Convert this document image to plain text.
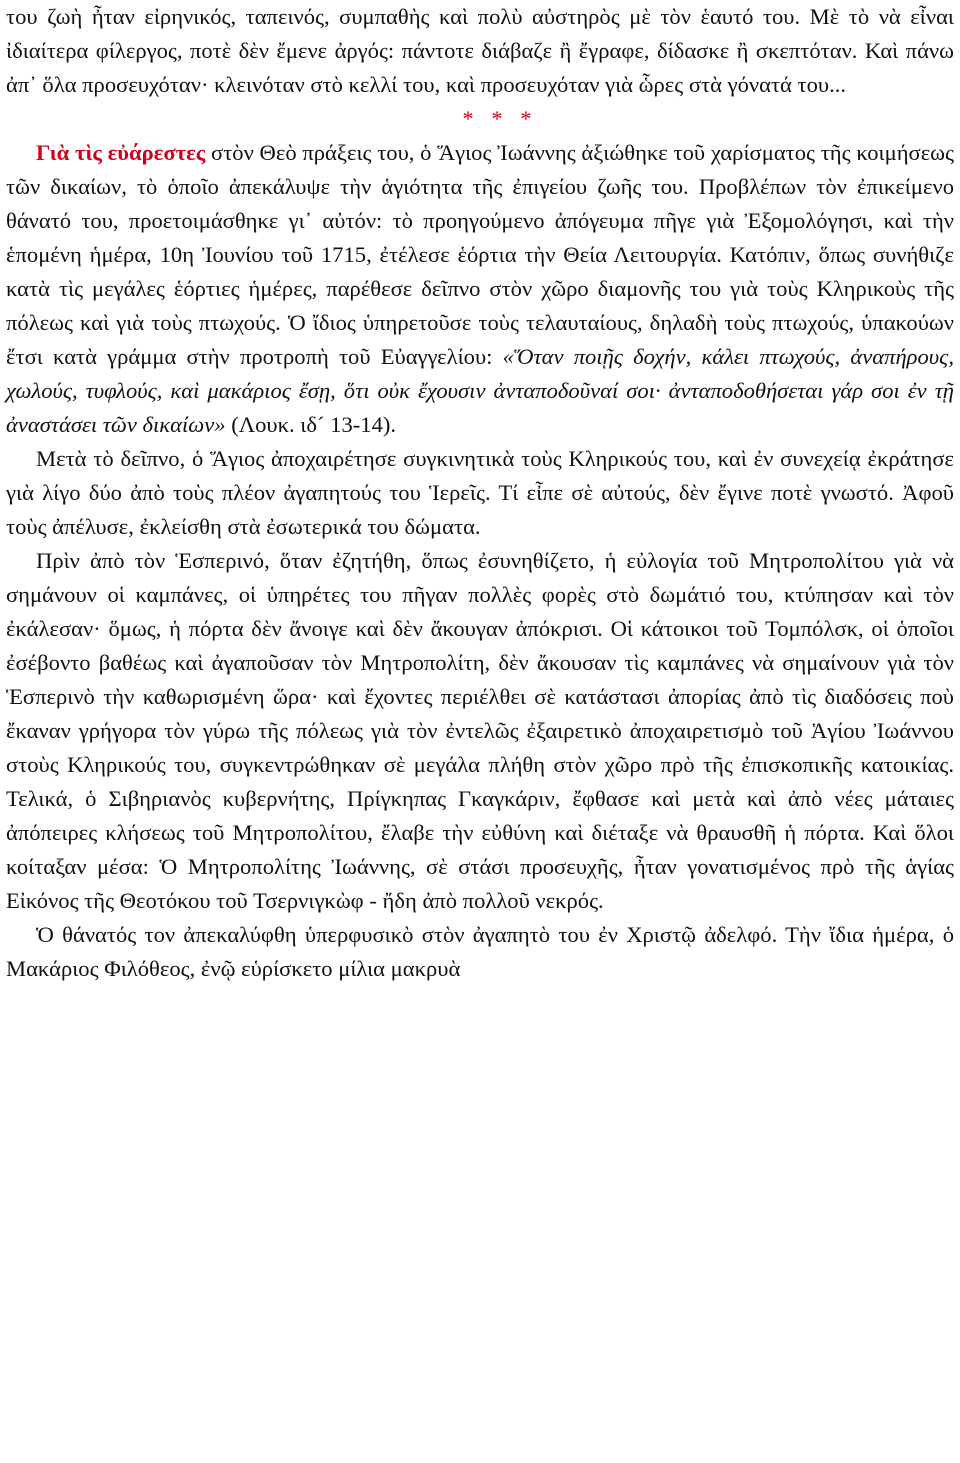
του ζωὴ ἦταν εἰρηνικός, ταπεινός, συμπαθὴς καὶ πολὺ αὐστηρὸς μὲ τὸν ἑαυτό του. Μὲ τὸ νὰ εἶναι ἰδιαίτερα φίλεργος, ποτὲ δὲν ἔμενε ἀργός: πάντοτε διάβαζε ἢ ἔγραφε, δίδασκε ἢ σκεπτόταν. Καὶ πάνω ἀπ᾽ ὅλα προσευχόταν· κλεινόταν στὸ κελλί του, καὶ προσευχόταν γιὰ ὧρες στὰ γόνατά του...

* * *

Γιὰ τὶς εὐάρεστες στὸν Θεὸ πράξεις του, ὁ Ἅγιος Ἰωάννης ἀξιώθηκε τοῦ χαρίσματος τῆς κοιμήσεως τῶν δικαίων, τὸ ὁποῖο ἀπεκάλυψε τὴν ἁγιότητα τῆς ἐπιγείου ζωῆς του. Προβλέπων τὸν ἐπικείμενο θάνατό του, προετοιμάσθηκε γι᾽ αὐτόν: τὸ προηγούμενο ἀπόγευμα πῆγε γιὰ Ἐξομολόγησι, καὶ τὴν ἑπομένη ἡμέρα, 10η Ἰουνίου τοῦ 1715, ἐτέλεσε ἑόρτια τὴν Θεία Λειτουργία. Κατόπιν, ὅπως συνήθιζε κατὰ τὶς μεγάλες ἑόρτιες ἡμέρες, παρέθεσε δεῖπνο στὸν χῶρο διαμονῆς του γιὰ τοὺς Κληρικοὺς τῆς πόλεως καὶ γιὰ τοὺς πτωχούς. Ὁ ἴδιος ὑπηρετοῦσε τοὺς τελαυταίους, δηλαδὴ τοὺς πτωχούς, ὑπακούων ἔτσι κατὰ γράμμα στὴν προτροπὴ τοῦ Εὐαγγελίου: «Ὅταν ποιῇς δοχήν, κάλει πτωχούς, ἀναπήρους, χωλούς, τυφλούς, καὶ μακάριος ἔσῃ, ὅτι οὐκ ἔχουσιν ἀνταποδοῦναί σοι· ἀνταποδοθήσεται γάρ σοι ἐν τῇ ἀναστάσει τῶν δικαίων» (Λουκ. ιδ´ 13-14).

Μετὰ τὸ δεῖπνο, ὁ Ἅγιος ἀποχαιρέτησε συγκινητικὰ τοὺς Κληρικούς του, καὶ ἐν συνεχείᾳ ἐκράτησε γιὰ λίγο δύο ἀπὸ τοὺς πλέον ἀγαπητούς του Ἱερεῖς. Τί εἶπε σὲ αὐτούς, δὲν ἔγινε ποτὲ γνωστό. Ἀφοῦ τοὺς ἀπέλυσε, ἐκλείσθη στὰ ἐσωτερικά του δώματα.

Πρὶν ἀπὸ τὸν Ἑσπερινό, ὅταν ἐζητήθη, ὅπως ἐσυνηθίζετο, ἡ εὐλογία τοῦ Μητροπολίτου γιὰ νὰ σημάνουν οἱ καμπάνες, οἱ ὑπηρέτες του πῆγαν πολλὲς φορὲς στὸ δωμάτιό του, κτύπησαν καὶ τὸν ἐκάλεσαν· ὅμως, ἡ πόρτα δὲν ἄνοιγε καὶ δὲν ἄκουγαν ἀπόκρισι. Οἱ κάτοικοι τοῦ Τομπόλσκ, οἱ ὁποῖοι ἐσέβοντο βαθέως καὶ ἀγαποῦσαν τὸν Μητροπολίτη, δὲν ἄκουσαν τὶς καμπάνες νὰ σημαίνουν γιὰ τὸν Ἑσπερινὸ τὴν καθωρισμένη ὥρα· καὶ ἔχοντες περιέλθει σὲ κατάστασι ἀπορίας ἀπὸ τὶς διαδόσεις ποὺ ἔκαναν γρήγορα τὸν γύρω τῆς πόλεως γιὰ τὸν ἐντελῶς ἐξαιρετικὸ ἀποχαιρετισμὸ τοῦ Ἁγίου Ἰωάννου στοὺς Κληρικούς του, συγκεντρώθηκαν σὲ μεγάλα πλήθη στὸν χῶρο πρὸ τῆς ἐπισκοπικῆς κατοικίας. Τελικά, ὁ Σιβηριανὸς κυβερνήτης, Πρίγκηπας Γκαγκάριν, ἔφθασε καὶ μετὰ καὶ ἀπὸ νέες μάταιες ἀπόπειρες κλήσεως τοῦ Μητροπολίτου, ἔλαβε τὴν εὐθύνη καὶ διέταξε νὰ θραυσθῆ ἡ πόρτα. Καὶ ὅλοι κοίταξαν μέσα: Ὁ Μητροπολίτης Ἰωάννης, σὲ στάσι προσευχῆς, ἦταν γονατισμένος πρὸ τῆς ἁγίας Εἰκόνος τῆς Θεοτόκου τοῦ Τσερνιγκὼφ - ἤδη ἀπὸ πολλοῦ νεκρός.

Ὁ θάνατός τον ἀπεκαλύφθη ὑπερφυσικὸ στὸν ἀγαπητὸ του ἐν Χριστῷ ἀδελφό. Τὴν ἴδια ἡμέρα, ὁ Μακάριος Φιλόθεος, ἐνῷ εὑρίσκετο μίλια μακρυὰ
